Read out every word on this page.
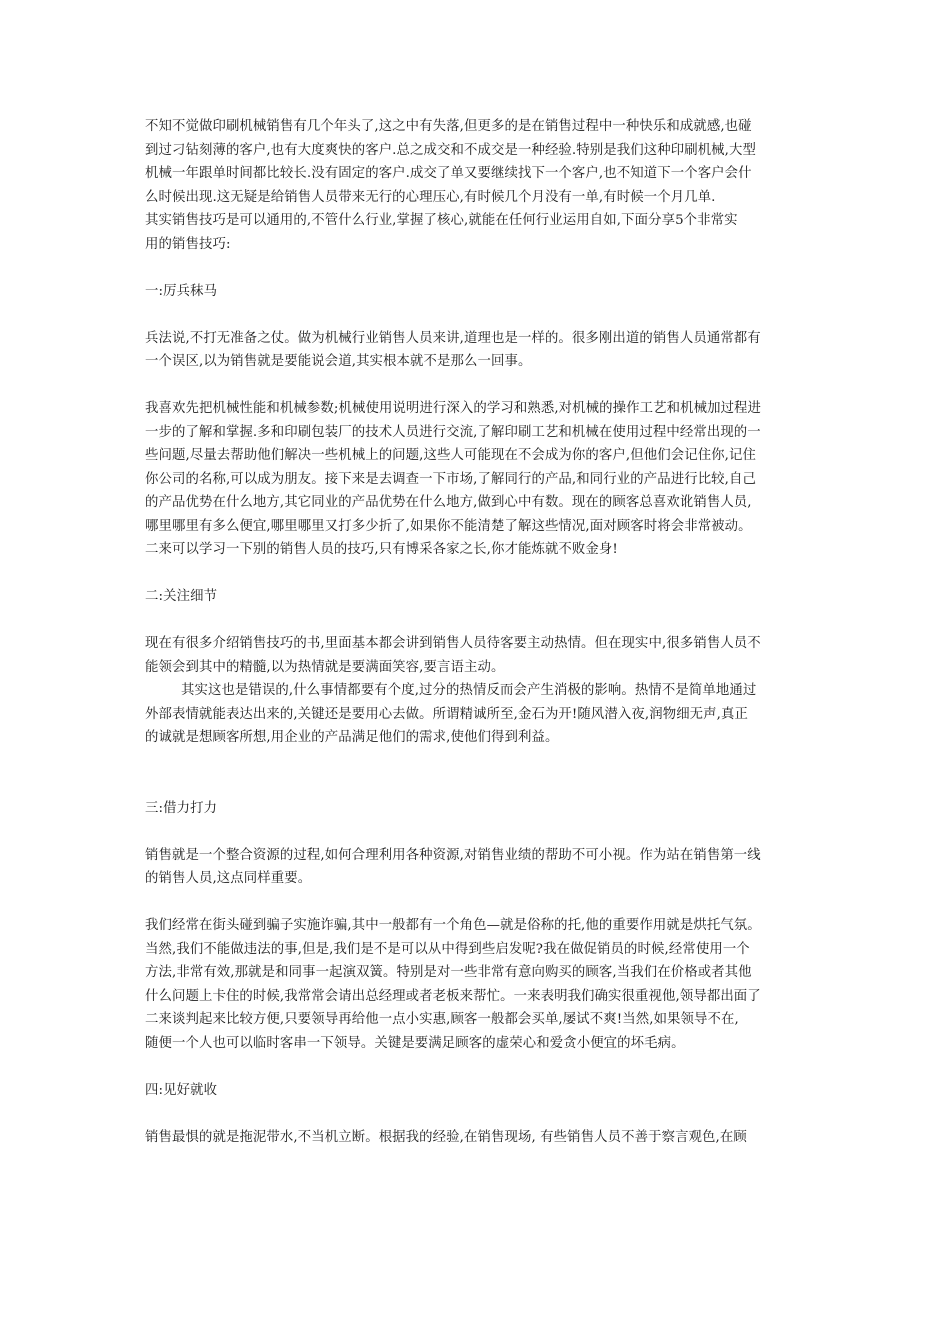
不知不觉做印刷机械销售有几个年头了,这之中有失落,但更多的是在销售过程中一种快乐和成就感,也碰

到过刁钻刻薄的客户,也有大度爽快的客户.总之成交和不成交是一种经验.特别是我们这种印刷机械,大型

机械一年跟单时间都比较长.没有固定的客户.成交了单又要继续找下一个客户,也不知道下一个客户会什

么时候出现.这无疑是给销售人员带来无行的心理压心,有时候几个月没有一单,有时候一个月几单.

其实销售技巧是可以通用的,不管什么行业,掌握了核心,就能在任何行业运用自如,下面分享5个非常实

用的销售技巧:

一:厉兵秣马

兵法说,不打无准备之仗。做为机械行业销售人员来讲,道理也是一样的。很多刚出道的销售人员通常都有

一个误区,以为销售就是要能说会道,其实根本就不是那么一回事。

我喜欢先把机械性能和机械参数;机械使用说明进行深入的学习和熟悉,对机械的操作工艺和机械加过程进

一步的了解和掌握.多和印刷包装厂的技术人员进行交流,了解印刷工艺和机械在使用过程中经常出现的一

些问题,尽量去帮助他们解决一些机械上的问题,这些人可能现在不会成为你的客户,但他们会记住你,记住

你公司的名称,可以成为朋友。接下来是去调查一下市场,了解同行的产品,和同行业的产品进行比较,自己

的产品优势在什么地方,其它同业的产品优势在什么地方,做到心中有数。现在的顾客总喜欢讹销售人员,

哪里哪里有多么便宜,哪里哪里又打多少折了,如果你不能清楚了解这些情况,面对顾客时将会非常被动。

二来可以学习一下别的销售人员的技巧,只有博采各家之长,你才能炼就不败金身!

二:关注细节

现在有很多介绍销售技巧的书,里面基本都会讲到销售人员待客要主动热情。但在现实中,很多销售人员不

能领会到其中的精髓,以为热情就是要满面笑容,要言语主动。

其实这也是错误的,什么事情都要有个度,过分的热情反而会产生消极的影响。热情不是简单地通过

外部表情就能表达出来的,关键还是要用心去做。所谓精诚所至,金石为开!随风潜入夜,润物细无声,真正

的诚就是想顾客所想,用企业的产品满足他们的需求,使他们得到利益。

三:借力打力

销售就是一个整合资源的过程,如何合理利用各种资源,对销售业绩的帮助不可小视。作为站在销售第一线

的销售人员,这点同样重要。

我们经常在街头碰到骗子实施诈骗,其中一般都有一个角色—就是俗称的托,他的重要作用就是烘托气氛。

当然,我们不能做违法的事,但是,我们是不是可以从中得到些启发呢?我在做促销员的时候,经常使用一个

方法,非常有效,那就是和同事一起演双簧。特别是对一些非常有意向购买的顾客,当我们在价格或者其他

什么问题上卡住的时候,我常常会请出总经理或者老板来帮忙。一来表明我们确实很重视他,领导都出面了

二来谈判起来比较方便,只要领导再给他一点小实惠,顾客一般都会买单,屡试不爽!当然,如果领导不在,

随便一个人也可以临时客串一下领导。关键是要满足顾客的虚荣心和爱贪小便宜的坏毛病。

四:见好就收

销售最惧的就是拖泥带水,不当机立断。根据我的经验,在销售现场, 有些销售人员不善于察言观色,在顾
